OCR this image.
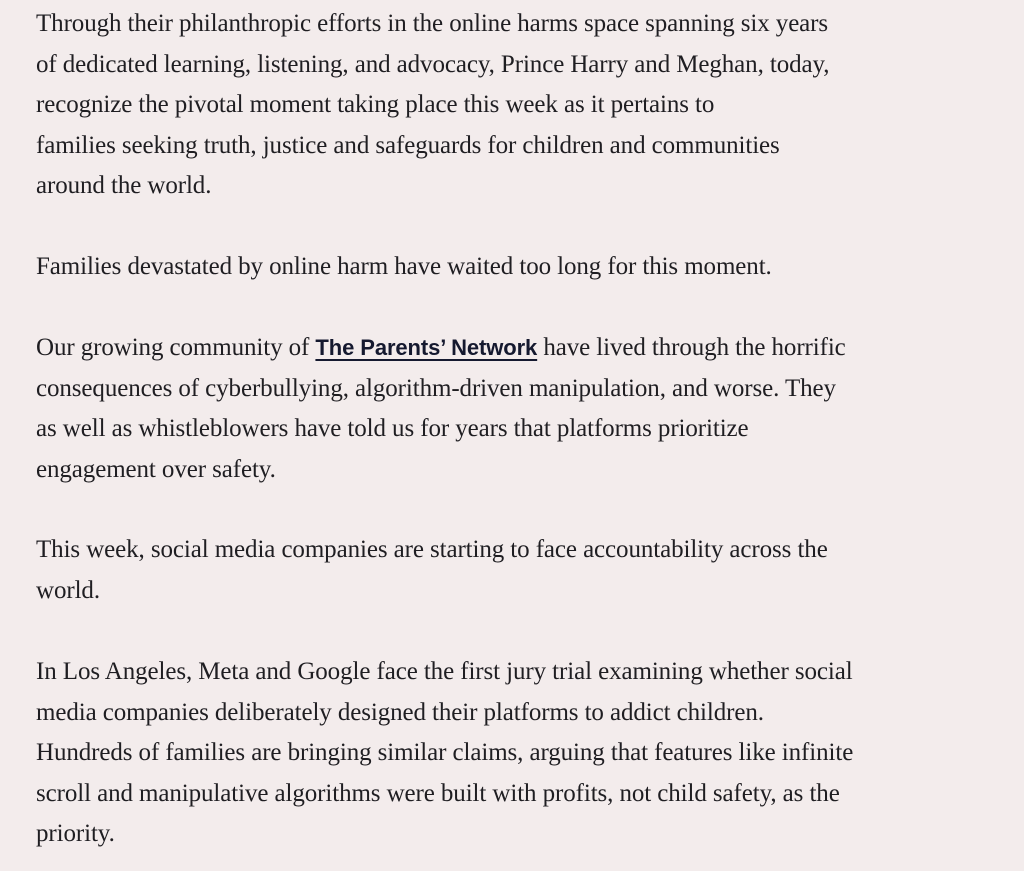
Through their philanthropic efforts in the online harms space spanning six years
of dedicated learning, listening, and advocacy, Prince Harry and Meghan, today,
recognize the pivotal moment taking place this week as it pertains to
families seeking truth, justice and safeguards for children and communities
around the world.

Families devastated by online harm have waited too long for this moment.

Our growing community of The Parents’ Network have lived through the horrific
consequences of cyberbullying, algorithm-driven manipulation, and worse. They
as well as whistleblowers have told us for years that platforms prioritize
engagement over safety.

This week, social media companies are starting to face accountability across the
world.

In Los Angeles, Meta and Google face the first jury trial examining whether social
media companies deliberately designed their platforms to addict children.
Hundreds of families are bringing similar claims, arguing that features like infinite
scroll and manipulative algorithms were built with profits, not child safety, as the
priority.
